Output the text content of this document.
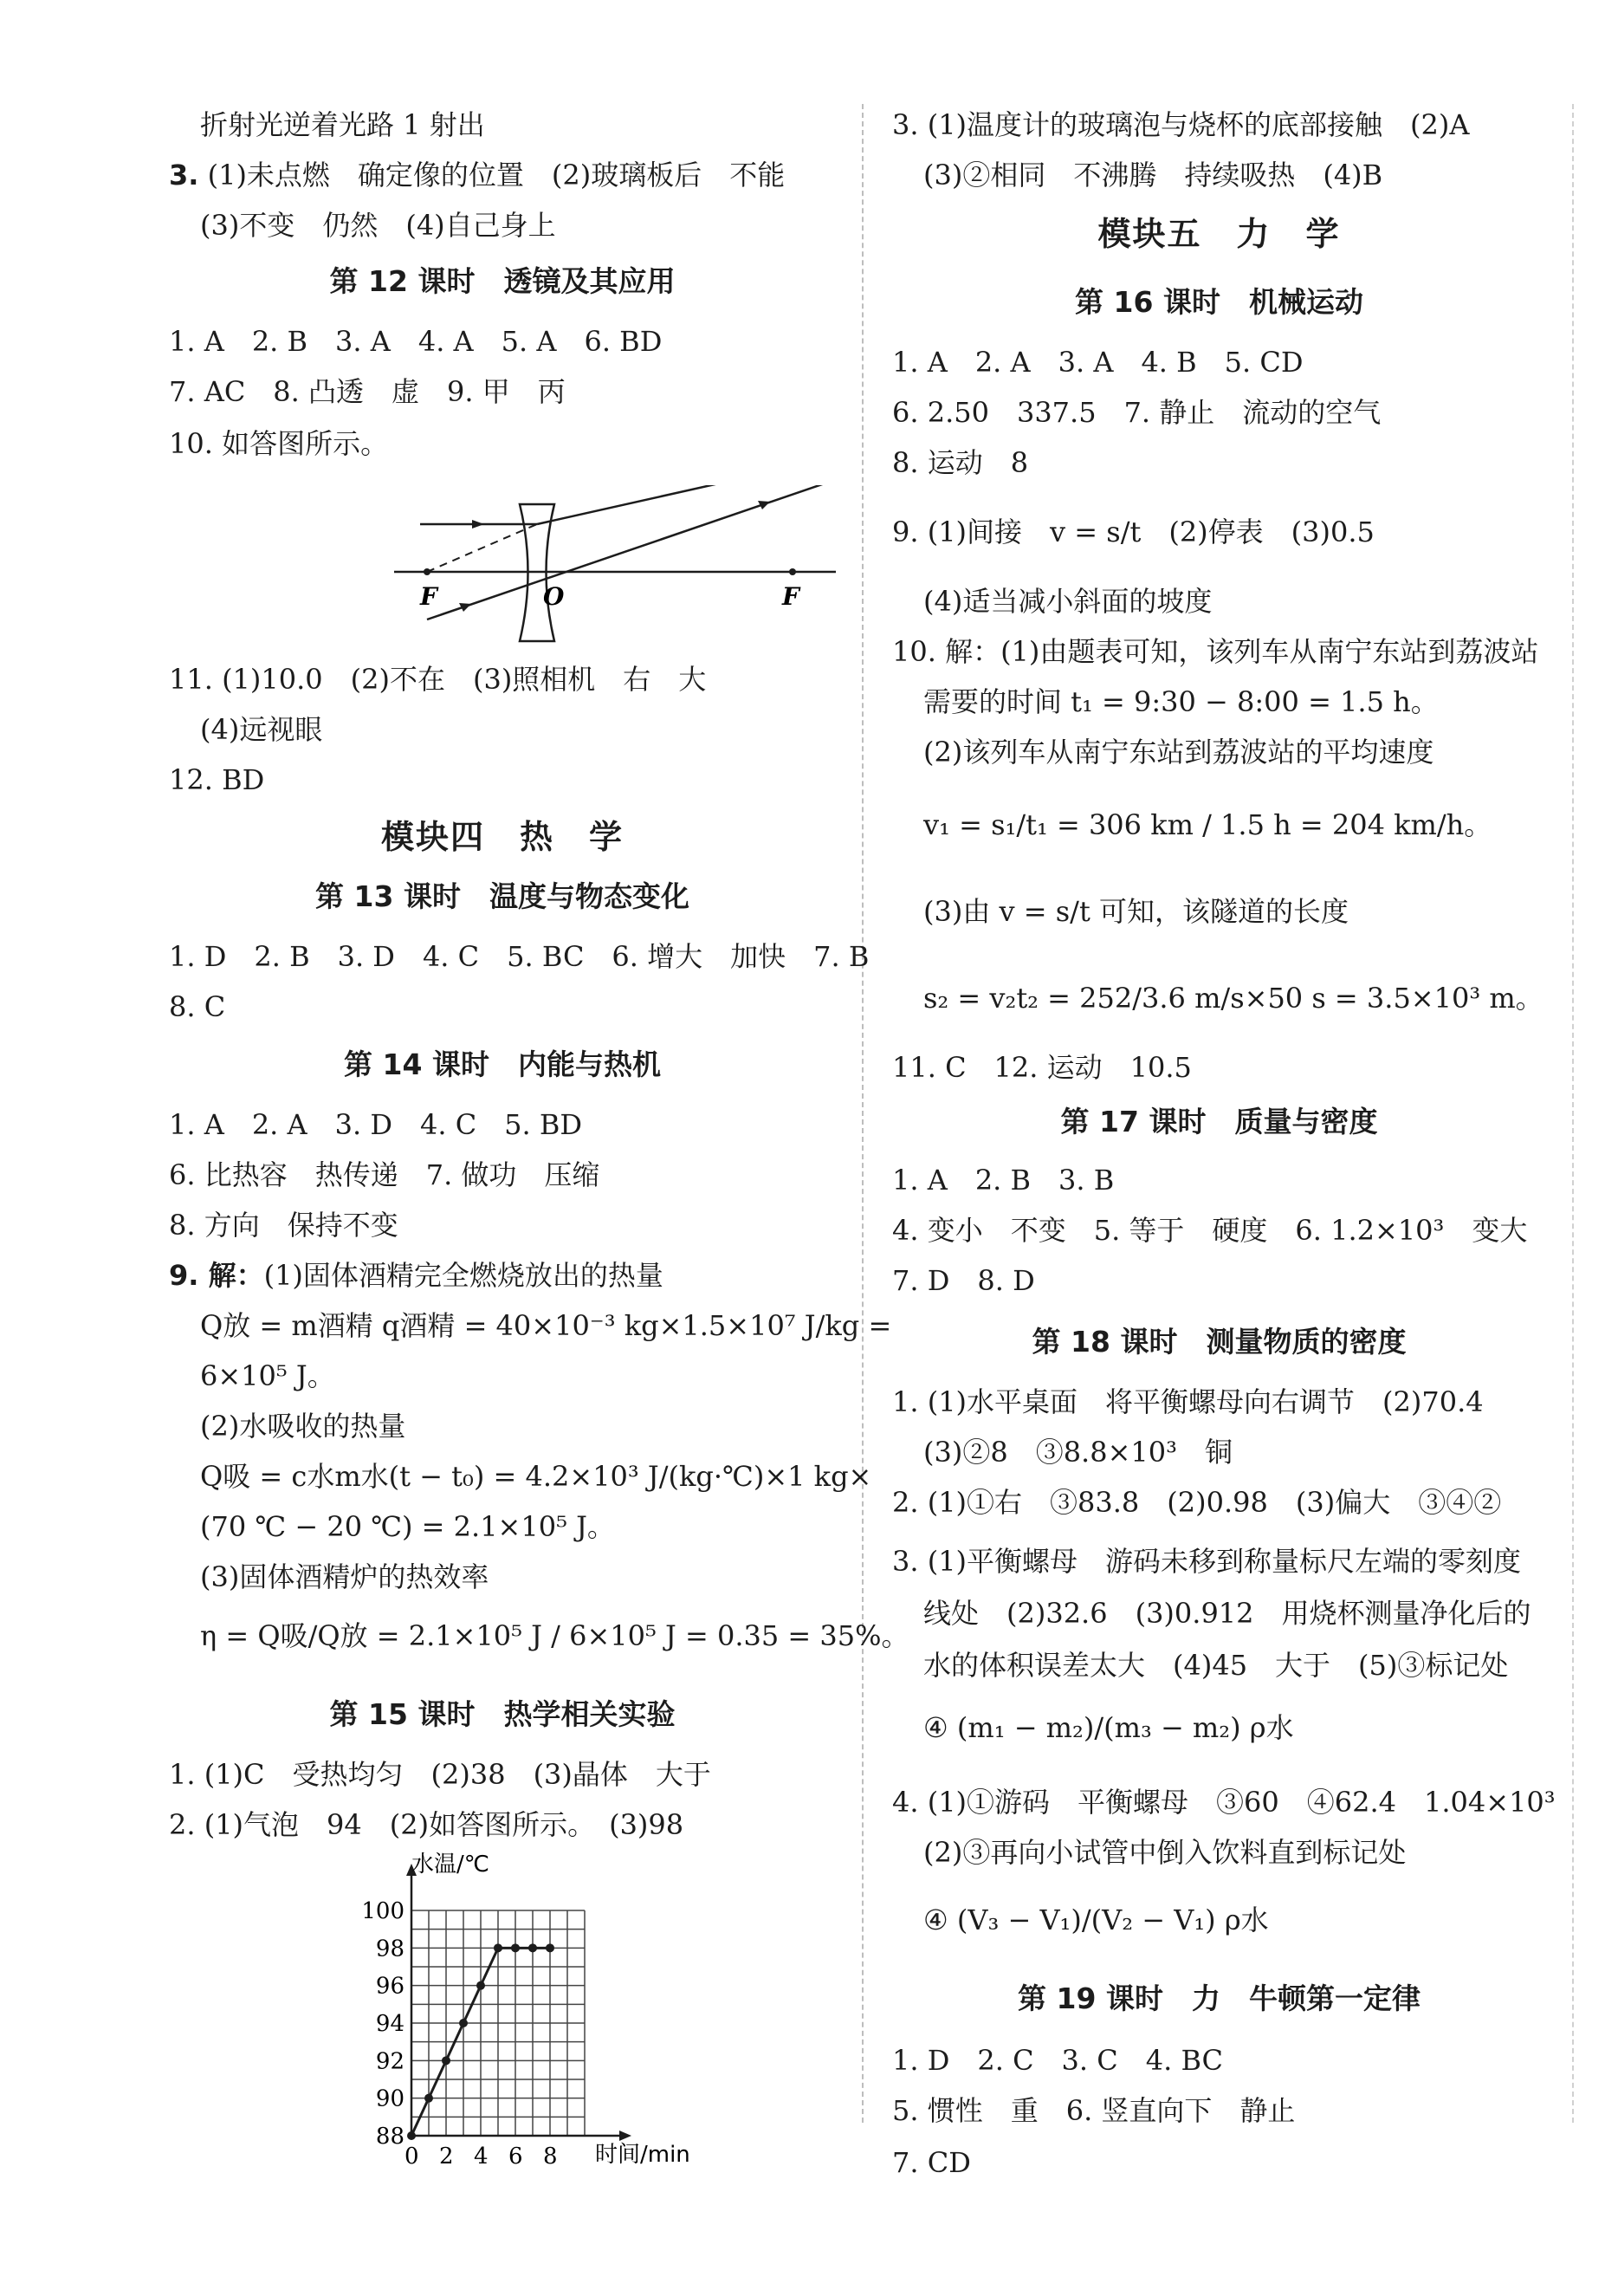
折射光逆着光路 1 射出
3. (1)未点燃　确定像的位置　(2)玻璃板后　不能
(3)不变　仍然　(4)自己身上
第 12 课时　透镜及其应用
1. A　2. B　3. A　4. A　5. A　6. BD
7. AC　8. 凸透　虚　9. 甲　丙
10. 如答图所示。
F	O	F
11. (1)10.0　(2)不在　(3)照相机　右　大
(4)远视眼
12. BD
模块四　热　学
第 13 课时　温度与物态变化
1. D　2. B　3. D　4. C　5. BC　6. 增大　加快　7. B
8. C
第 14 课时　内能与热机
1. A　2. A　3. D　4. C　5. BD
6. 比热容　热传递　7. 做功　压缩
8. 方向　保持不变
9. 解：(1)固体酒精完全燃烧放出的热量
Q放 = m酒精 q酒精 = 40×10⁻³ kg×1.5×10⁷ J/kg =
6×10⁵ J。
(2)水吸收的热量
Q吸 = c水m水(t − t₀) = 4.2×10³ J/(kg·℃)×1 kg×
(70 ℃ − 20 ℃) = 2.1×10⁵ J。
(3)固体酒精炉的热效率
η = Q吸/Q放 = 2.1×10⁵ J / 6×10⁵ J = 0.35 = 35%。
第 15 课时　热学相关实验
1. (1)C　受热均匀　(2)38　(3)晶体　大于
2. (1)气泡　94　(2)如答图所示。　(3)98
0 2 4 6 8
88
90
92
94
96
98
100
水温/℃
时间/min
3. (1)温度计的玻璃泡与烧杯的底部接触　(2)A
(3)②相同　不沸腾　持续吸热　(4)B
模块五　力　学
第 16 课时　机械运动
1. A　2. A　3. A　4. B　5. CD
6. 2.50　337.5　7. 静止　流动的空气
8. 运动　8
9. (1)间接　v = s/t　(2)停表　(3)0.5
(4)适当减小斜面的坡度
10. 解：(1)由题表可知，该列车从南宁东站到荔波站
需要的时间 t₁ = 9:30 − 8:00 = 1.5 h。
(2)该列车从南宁东站到荔波站的平均速度
v₁ = s₁/t₁ = 306 km / 1.5 h = 204 km/h。
(3)由 v = s/t 可知，该隧道的长度
s₂ = v₂t₂ = 252/3.6 m/s×50 s = 3.5×10³ m。
11. C　12. 运动　10.5
第 17 课时　质量与密度
1. A　2. B　3. B
4. 变小　不变　5. 等于　硬度　6. 1.2×10³　变大
7. D　8. D
第 18 课时　测量物质的密度
1. (1)水平桌面　将平衡螺母向右调节　(2)70.4
(3)②8　③8.8×10³　铜
2. (1)①右　③83.8　(2)0.98　(3)偏大　③④②
3. (1)平衡螺母　游码未移到称量标尺左端的零刻度
线处　(2)32.6　(3)0.912　用烧杯测量净化后的
水的体积误差太大　(4)45　大于　(5)③标记处
④ (m₁ − m₂)/(m₃ − m₂) ρ水
4. (1)①游码　平衡螺母　③60　④62.4　1.04×10³
(2)③再向小试管中倒入饮料直到标记处
④ (V₃ − V₁)/(V₂ − V₁) ρ水
第 19 课时　力　牛顿第一定律
1. D　2. C　3. C　4. BC
5. 惯性　重　6. 竖直向下　静止
7. CD
